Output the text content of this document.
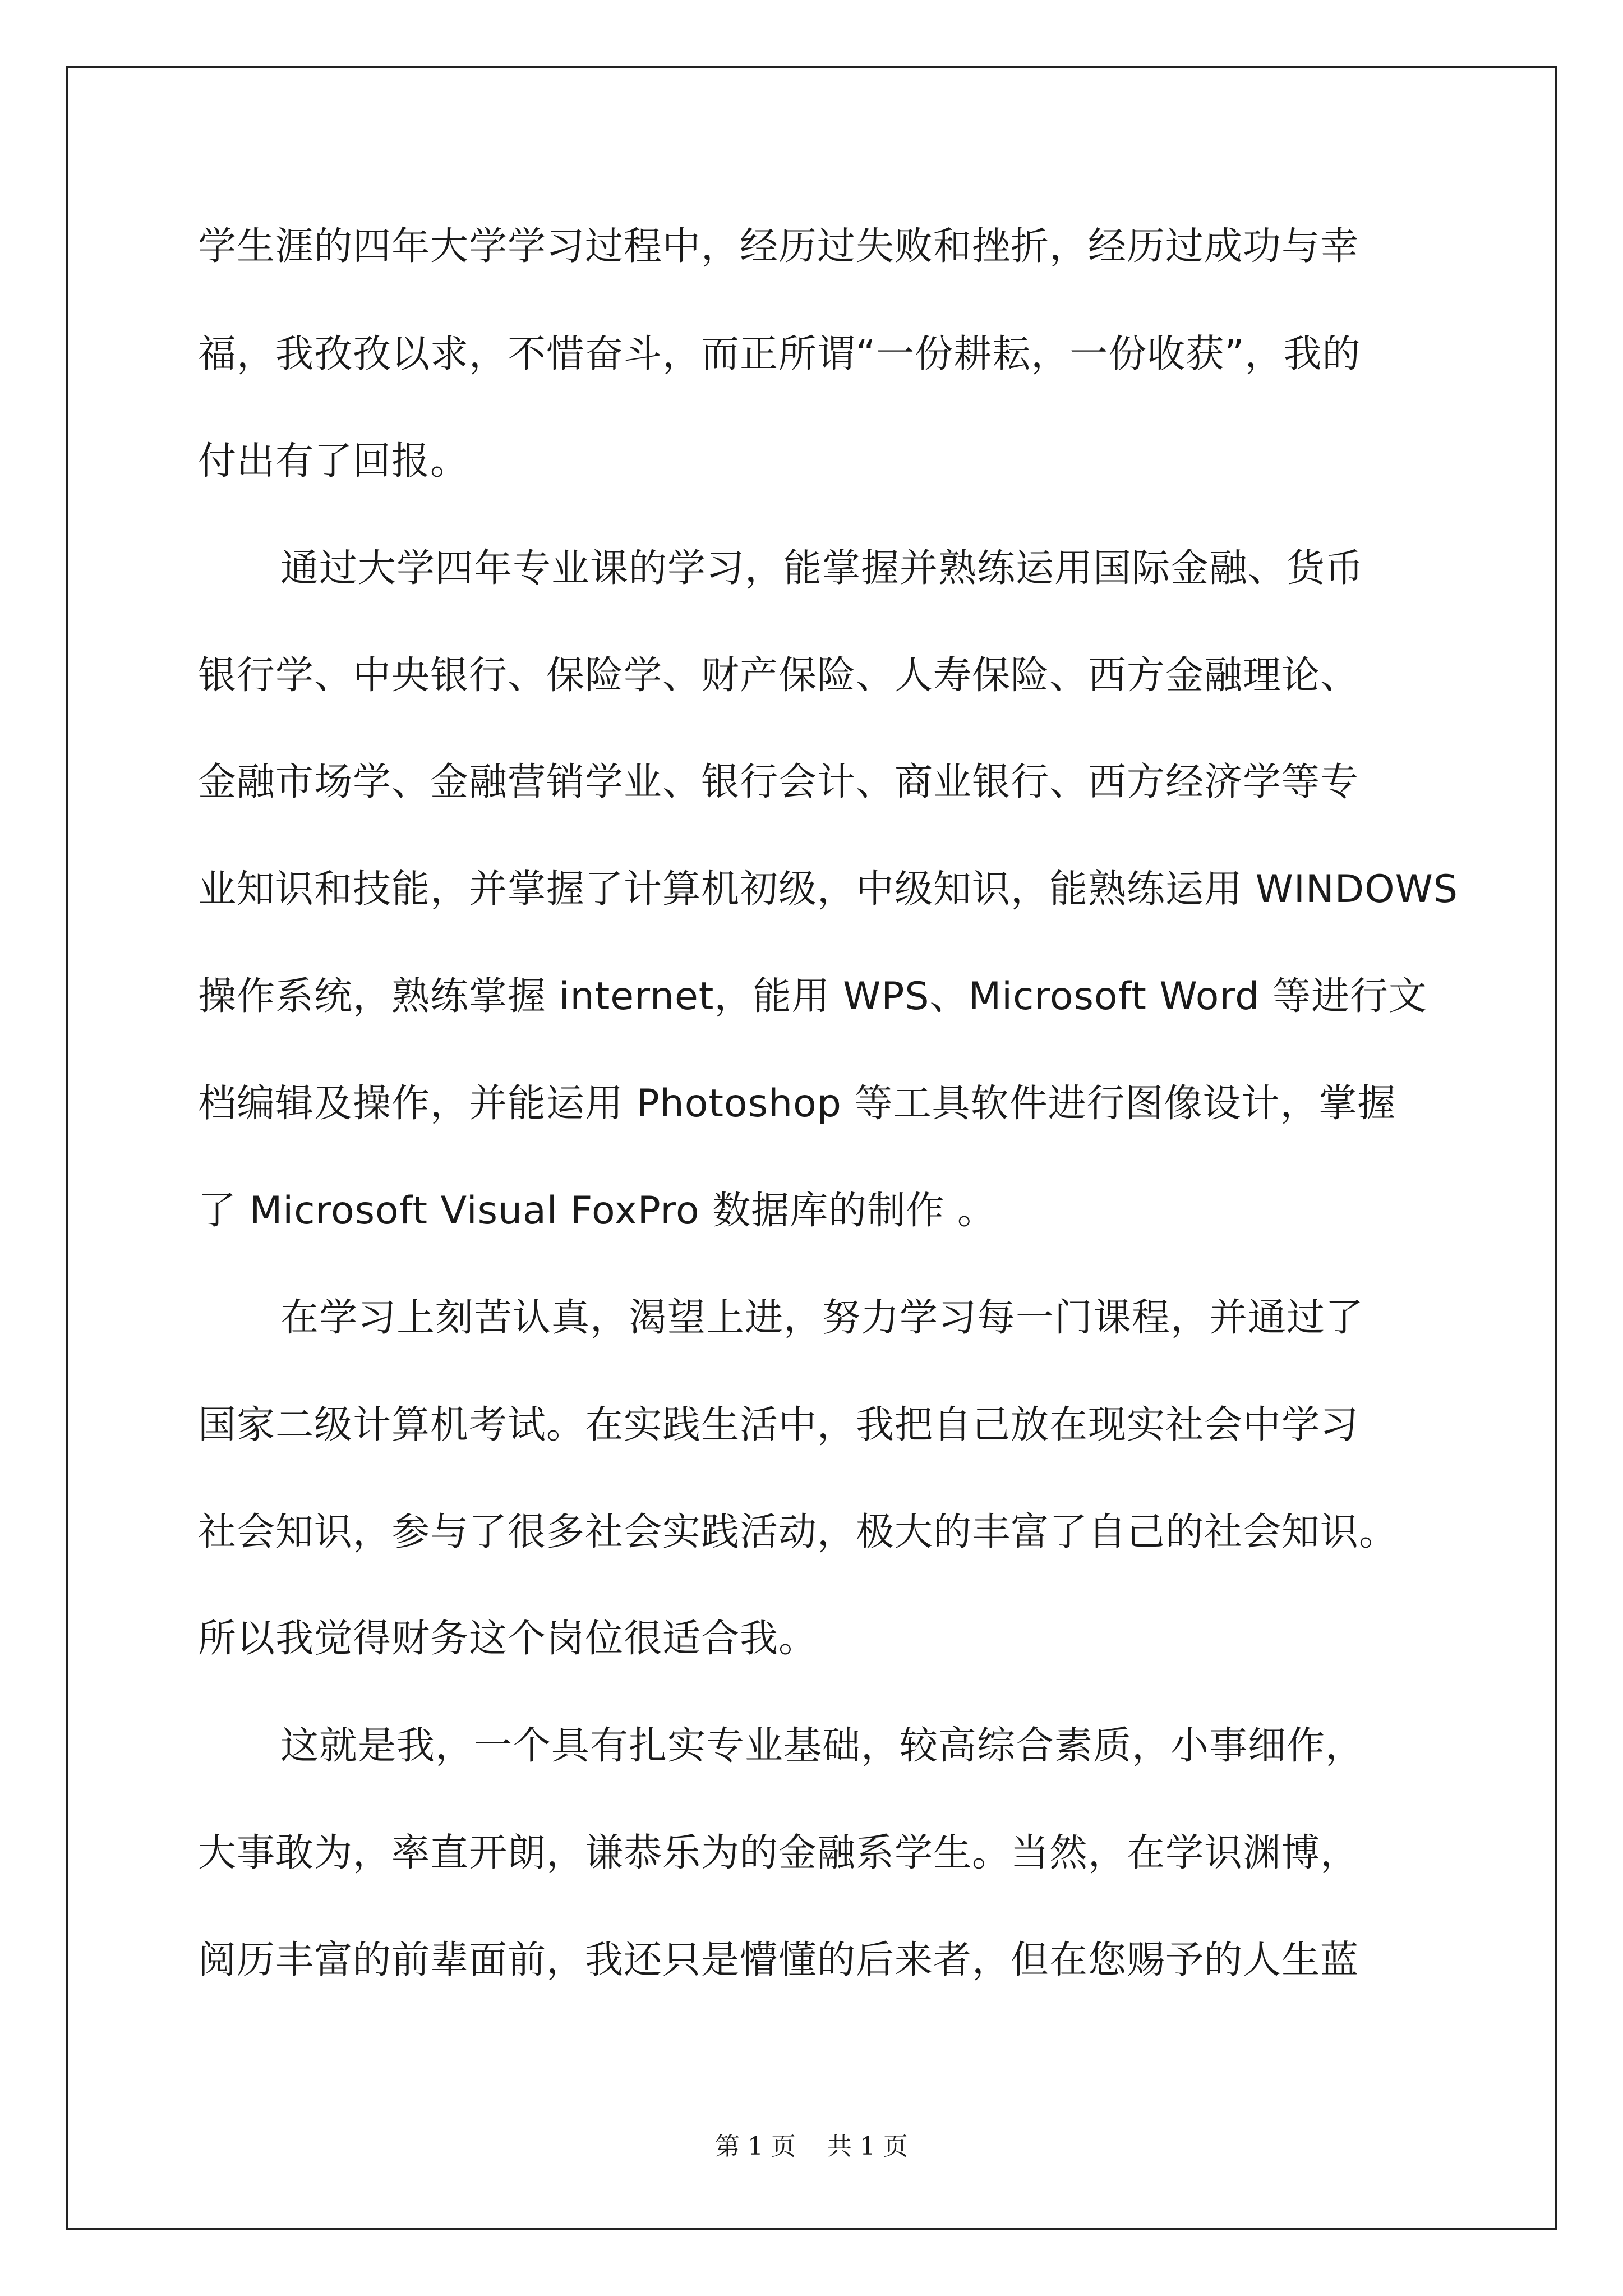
学生涯的四年大学学习过程中，经历过失败和挫折，经历过成功与幸
福，我孜孜以求，不惜奋斗，而正所谓“一份耕耘，一份收获”，我的
付出有了回报。
通过大学四年专业课的学习，能掌握并熟练运用国际金融、货币
银行学、中央银行、保险学、财产保险、人寿保险、西方金融理论、
金融市场学、金融营销学业、银行会计、商业银行、西方经济学等专
业知识和技能，并掌握了计算机初级，中级知识，能熟练运用 WINDOWS
操作系统，熟练掌握 internet，能用 WPS、Microsoft Word 等进行文
档编辑及操作，并能运用 Photoshop 等工具软件进行图像设计，掌握
了 Microsoft Visual FoxPro 数据库的制作 。
在学习上刻苦认真，渴望上进，努力学习每一门课程，并通过了
国家二级计算机考试。在实践生活中，我把自己放在现实社会中学习
社会知识，参与了很多社会实践活动，极大的丰富了自己的社会知识。
所以我觉得财务这个岗位很适合我。
这就是我，一个具有扎实专业基础，较高综合素质，小事细作，
大事敢为，率直开朗，谦恭乐为的金融系学生。当然，在学识渊博，
阅历丰富的前辈面前，我还只是懵懂的后来者，但在您赐予的人生蓝
第 1 页    共 1 页
